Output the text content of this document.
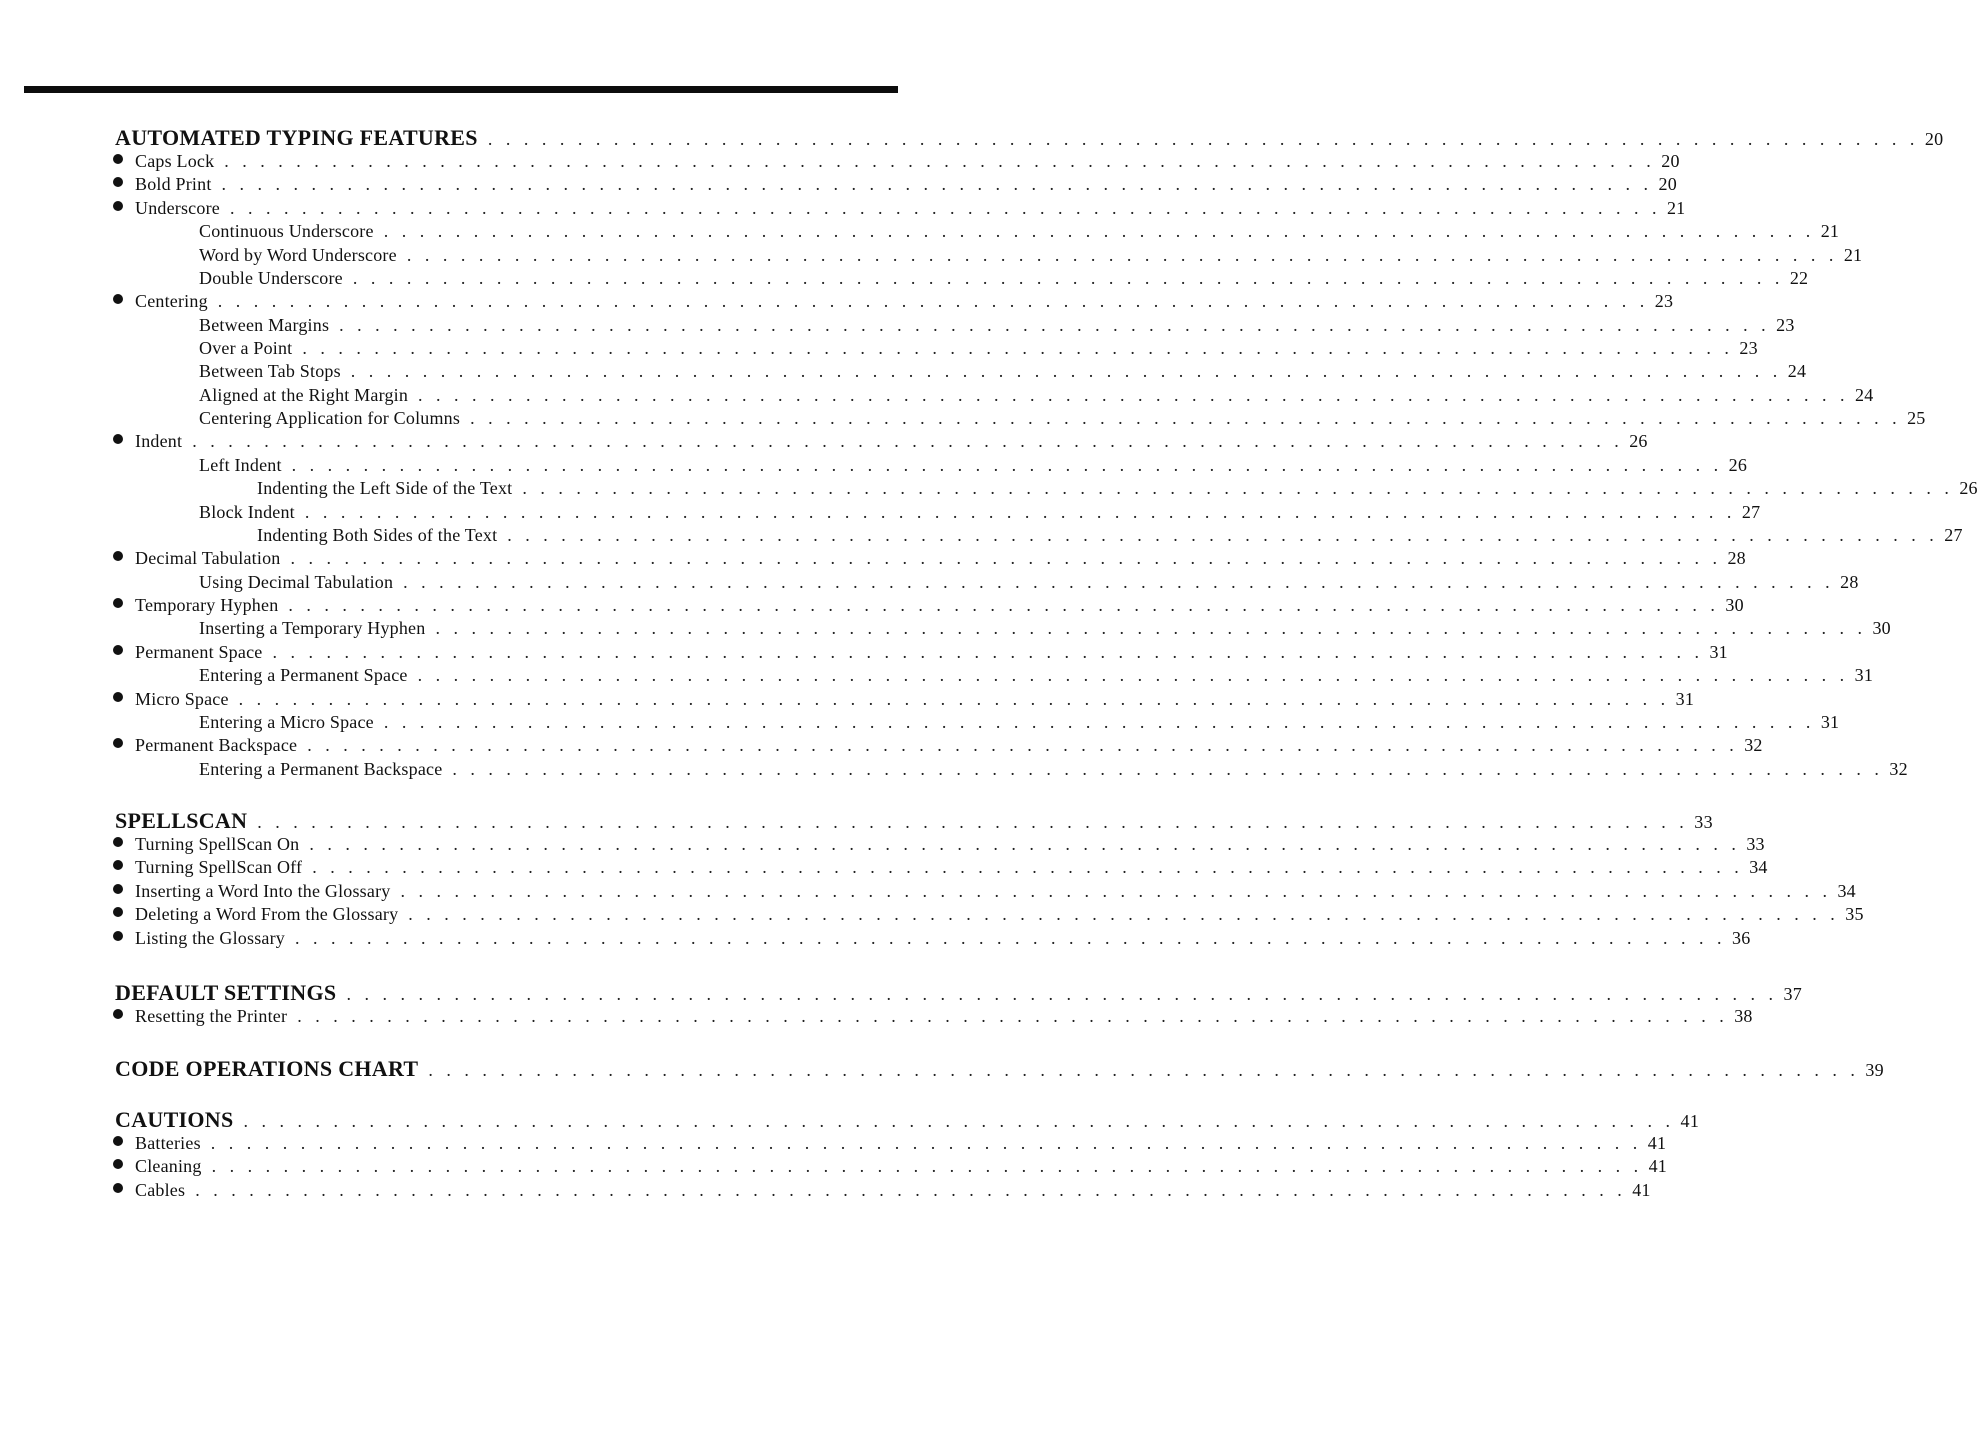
AUTOMATED TYPING FEATURES . . . . . . . . . . . . . . . . . . . . . . . . . . . . . . . . . . . . . . . . . . . . . . . . . . . . . . . . . . . . . . . . . . . . . . . . . . . . . . . . 20
Caps Lock . . . . . . . . . . . . . . . . . . . . . . . . . . . . . . . . . . . . . . . . . . . . . . . . . . . . . . . . . . . . . . . . . . . . . . . . . . . . . . . . 20
Bold Print . . . . . . . . . . . . . . . . . . . . . . . . . . . . . . . . . . . . . . . . . . . . . . . . . . . . . . . . . . . . . . . . . . . . . . . . . . . . . . . . 20
Underscore . . . . . . . . . . . . . . . . . . . . . . . . . . . . . . . . . . . . . . . . . . . . . . . . . . . . . . . . . . . . . . . . . . . . . . . . . . . . . . . . 21
Continuous Underscore . . . . . . . . . . . . . . . . . . . . . . . . . . . . . . . . . . . . . . . . . . . . . . . . . . . . . . . . . . . . . . . . . . . . . . . . . . . . . . . . 21
Word by Word Underscore . . . . . . . . . . . . . . . . . . . . . . . . . . . . . . . . . . . . . . . . . . . . . . . . . . . . . . . . . . . . . . . . . . . . . . . . . . . . . . . . 21
Double Underscore . . . . . . . . . . . . . . . . . . . . . . . . . . . . . . . . . . . . . . . . . . . . . . . . . . . . . . . . . . . . . . . . . . . . . . . . . . . . . . . . 22
Centering . . . . . . . . . . . . . . . . . . . . . . . . . . . . . . . . . . . . . . . . . . . . . . . . . . . . . . . . . . . . . . . . . . . . . . . . . . . . . . . . 23
Between Margins . . . . . . . . . . . . . . . . . . . . . . . . . . . . . . . . . . . . . . . . . . . . . . . . . . . . . . . . . . . . . . . . . . . . . . . . . . . . . . . . 23
Over a Point . . . . . . . . . . . . . . . . . . . . . . . . . . . . . . . . . . . . . . . . . . . . . . . . . . . . . . . . . . . . . . . . . . . . . . . . . . . . . . . . 23
Between Tab Stops . . . . . . . . . . . . . . . . . . . . . . . . . . . . . . . . . . . . . . . . . . . . . . . . . . . . . . . . . . . . . . . . . . . . . . . . . . . . . . . . 24
Aligned at the Right Margin . . . . . . . . . . . . . . . . . . . . . . . . . . . . . . . . . . . . . . . . . . . . . . . . . . . . . . . . . . . . . . . . . . . . . . . . . . . . . . . . 24
Centering Application for Columns . . . . . . . . . . . . . . . . . . . . . . . . . . . . . . . . . . . . . . . . . . . . . . . . . . . . . . . . . . . . . . . . . . . . . . . . . . . . . . . . 25
Indent . . . . . . . . . . . . . . . . . . . . . . . . . . . . . . . . . . . . . . . . . . . . . . . . . . . . . . . . . . . . . . . . . . . . . . . . . . . . . . . . 26
Left Indent . . . . . . . . . . . . . . . . . . . . . . . . . . . . . . . . . . . . . . . . . . . . . . . . . . . . . . . . . . . . . . . . . . . . . . . . . . . . . . . . 26
Indenting the Left Side of the Text . . . . . . . . . . . . . . . . . . . . . . . . . . . . . . . . . . . . . . . . . . . . . . . . . . . . . . . . . . . . . . . . . . . . . . . . . . . . . . . . 26
Block Indent . . . . . . . . . . . . . . . . . . . . . . . . . . . . . . . . . . . . . . . . . . . . . . . . . . . . . . . . . . . . . . . . . . . . . . . . . . . . . . . . 27
Indenting Both Sides of the Text . . . . . . . . . . . . . . . . . . . . . . . . . . . . . . . . . . . . . . . . . . . . . . . . . . . . . . . . . . . . . . . . . . . . . . . . . . . . . . . . 27
Decimal Tabulation . . . . . . . . . . . . . . . . . . . . . . . . . . . . . . . . . . . . . . . . . . . . . . . . . . . . . . . . . . . . . . . . . . . . . . . . . . . . . . . . 28
Using Decimal Tabulation . . . . . . . . . . . . . . . . . . . . . . . . . . . . . . . . . . . . . . . . . . . . . . . . . . . . . . . . . . . . . . . . . . . . . . . . . . . . . . . . 28
Temporary Hyphen . . . . . . . . . . . . . . . . . . . . . . . . . . . . . . . . . . . . . . . . . . . . . . . . . . . . . . . . . . . . . . . . . . . . . . . . . . . . . . . . 30
Inserting a Temporary Hyphen . . . . . . . . . . . . . . . . . . . . . . . . . . . . . . . . . . . . . . . . . . . . . . . . . . . . . . . . . . . . . . . . . . . . . . . . . . . . . . . . 30
Permanent Space . . . . . . . . . . . . . . . . . . . . . . . . . . . . . . . . . . . . . . . . . . . . . . . . . . . . . . . . . . . . . . . . . . . . . . . . . . . . . . . . 31
Entering a Permanent Space . . . . . . . . . . . . . . . . . . . . . . . . . . . . . . . . . . . . . . . . . . . . . . . . . . . . . . . . . . . . . . . . . . . . . . . . . . . . . . . . 31
Micro Space . . . . . . . . . . . . . . . . . . . . . . . . . . . . . . . . . . . . . . . . . . . . . . . . . . . . . . . . . . . . . . . . . . . . . . . . . . . . . . . . 31
Entering a Micro Space . . . . . . . . . . . . . . . . . . . . . . . . . . . . . . . . . . . . . . . . . . . . . . . . . . . . . . . . . . . . . . . . . . . . . . . . . . . . . . . . 31
Permanent Backspace . . . . . . . . . . . . . . . . . . . . . . . . . . . . . . . . . . . . . . . . . . . . . . . . . . . . . . . . . . . . . . . . . . . . . . . . . . . . . . . . 32
Entering a Permanent Backspace . . . . . . . . . . . . . . . . . . . . . . . . . . . . . . . . . . . . . . . . . . . . . . . . . . . . . . . . . . . . . . . . . . . . . . . . . . . . . . . . 32
SPELLSCAN . . . . . . . . . . . . . . . . . . . . . . . . . . . . . . . . . . . . . . . . . . . . . . . . . . . . . . . . . . . . . . . . . . . . . . . . . . . . . . . . 33
Turning SpellScan On . . . . . . . . . . . . . . . . . . . . . . . . . . . . . . . . . . . . . . . . . . . . . . . . . . . . . . . . . . . . . . . . . . . . . . . . . . . . . . . . 33
Turning SpellScan Off . . . . . . . . . . . . . . . . . . . . . . . . . . . . . . . . . . . . . . . . . . . . . . . . . . . . . . . . . . . . . . . . . . . . . . . . . . . . . . . . 34
Inserting a Word Into the Glossary . . . . . . . . . . . . . . . . . . . . . . . . . . . . . . . . . . . . . . . . . . . . . . . . . . . . . . . . . . . . . . . . . . . . . . . . . . . . . . . . 34
Deleting a Word From the Glossary . . . . . . . . . . . . . . . . . . . . . . . . . . . . . . . . . . . . . . . . . . . . . . . . . . . . . . . . . . . . . . . . . . . . . . . . . . . . . . . . 35
Listing the Glossary . . . . . . . . . . . . . . . . . . . . . . . . . . . . . . . . . . . . . . . . . . . . . . . . . . . . . . . . . . . . . . . . . . . . . . . . . . . . . . . . 36
DEFAULT SETTINGS . . . . . . . . . . . . . . . . . . . . . . . . . . . . . . . . . . . . . . . . . . . . . . . . . . . . . . . . . . . . . . . . . . . . . . . . . . . . . . . . 37
Resetting the Printer . . . . . . . . . . . . . . . . . . . . . . . . . . . . . . . . . . . . . . . . . . . . . . . . . . . . . . . . . . . . . . . . . . . . . . . . . . . . . . . . 38
CODE OPERATIONS CHART . . . . . . . . . . . . . . . . . . . . . . . . . . . . . . . . . . . . . . . . . . . . . . . . . . . . . . . . . . . . . . . . . . . . . . . . . . . . . . . . 39
CAUTIONS . . . . . . . . . . . . . . . . . . . . . . . . . . . . . . . . . . . . . . . . . . . . . . . . . . . . . . . . . . . . . . . . . . . . . . . . . . . . . . . . 41
Batteries . . . . . . . . . . . . . . . . . . . . . . . . . . . . . . . . . . . . . . . . . . . . . . . . . . . . . . . . . . . . . . . . . . . . . . . . . . . . . . . . 41
Cleaning . . . . . . . . . . . . . . . . . . . . . . . . . . . . . . . . . . . . . . . . . . . . . . . . . . . . . . . . . . . . . . . . . . . . . . . . . . . . . . . . 41
Cables . . . . . . . . . . . . . . . . . . . . . . . . . . . . . . . . . . . . . . . . . . . . . . . . . . . . . . . . . . . . . . . . . . . . . . . . . . . . . . . . 41
